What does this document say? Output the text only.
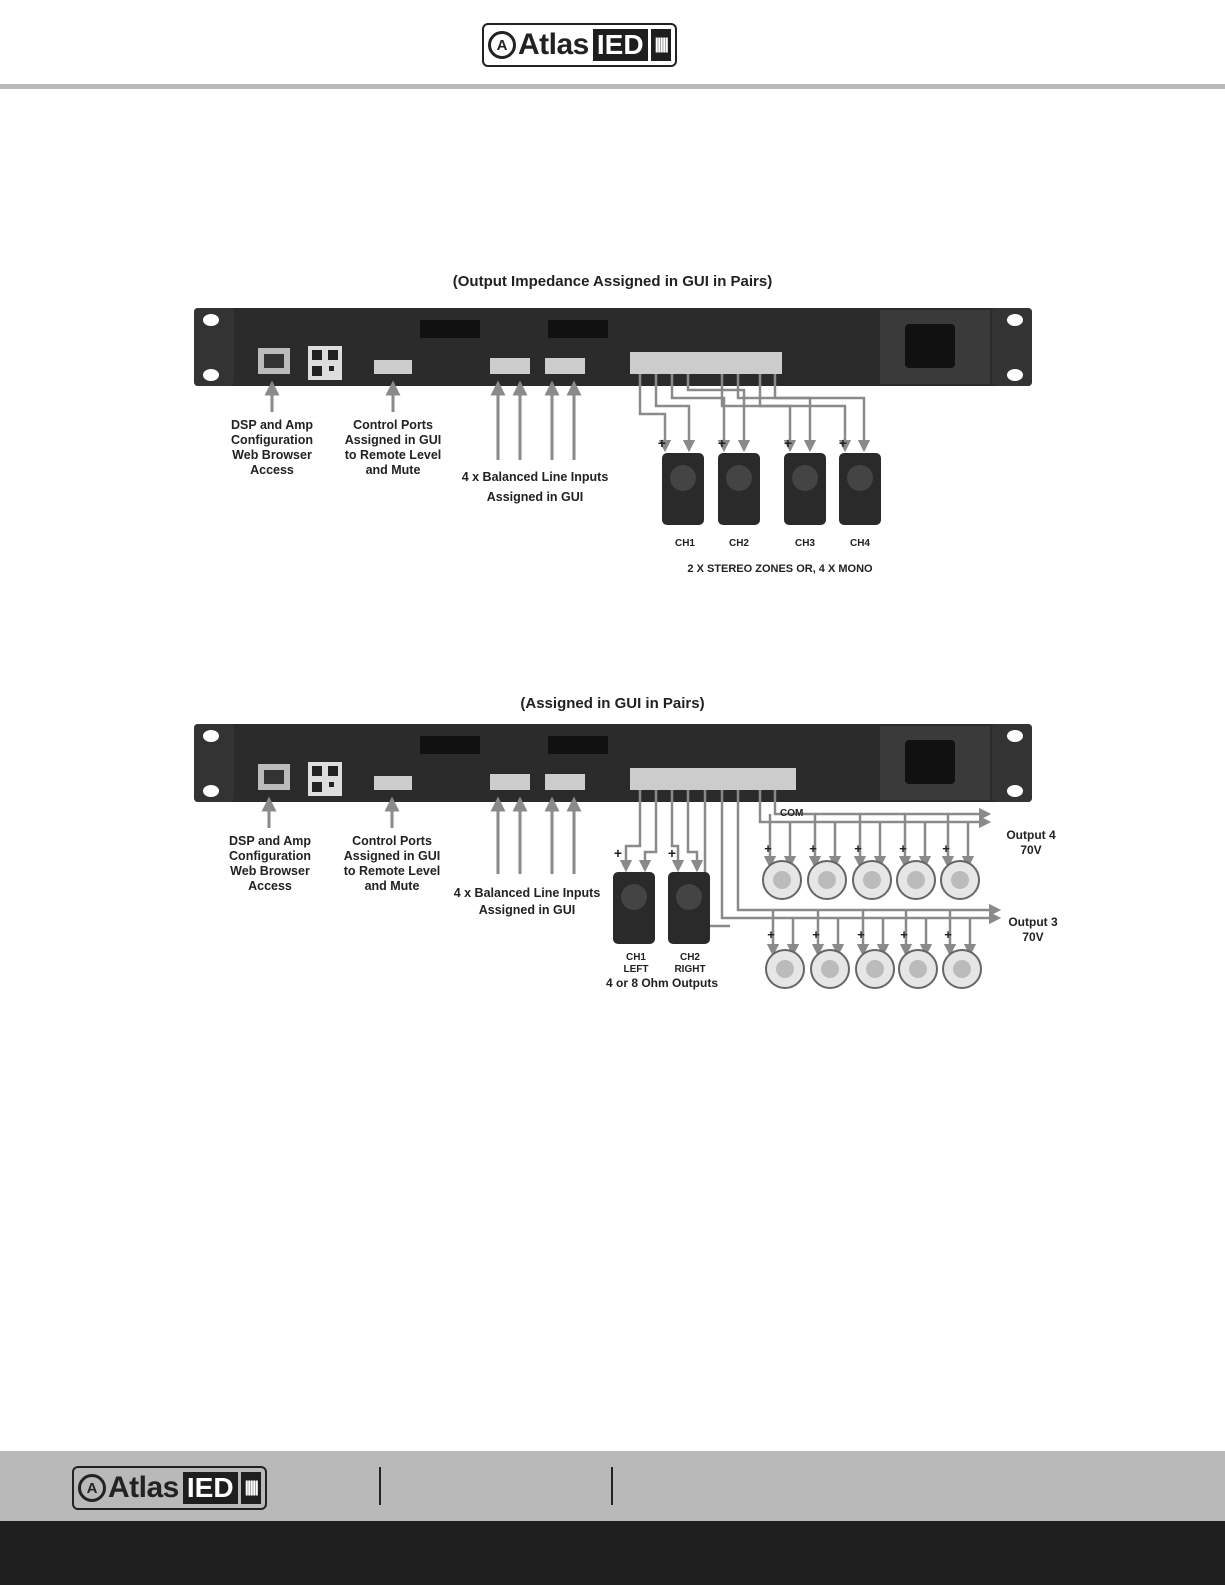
A Atlas IED |||||
(Output Impedance Assigned in GUI in Pairs)
DSP and Amp
Configuration
Web Browser
Access
Control Ports
Assigned in GUI
to Remote Level
and Mute	4 x Balanced Line Inputs
Assigned in GUI
+	+	+	+
CH1	CH2	CH3	CH4
2 X STEREO ZONES OR, 4 X MONO
(Assigned in GUI in Pairs)
DSP and Amp
Configuration
Web Browser
Access
Control Ports
Assigned in GUI
to Remote Level
and Mute	4 x Balanced Line Inputs
Assigned in GUI
+	+
CH1
LEFT
CH2
RIGHT
4 or 8 Ohm Outputs
COM
Output 4
70V
Output 3
70V
+	+	+	+	+
+	+	+	+	+
A Atlas IED |||||
